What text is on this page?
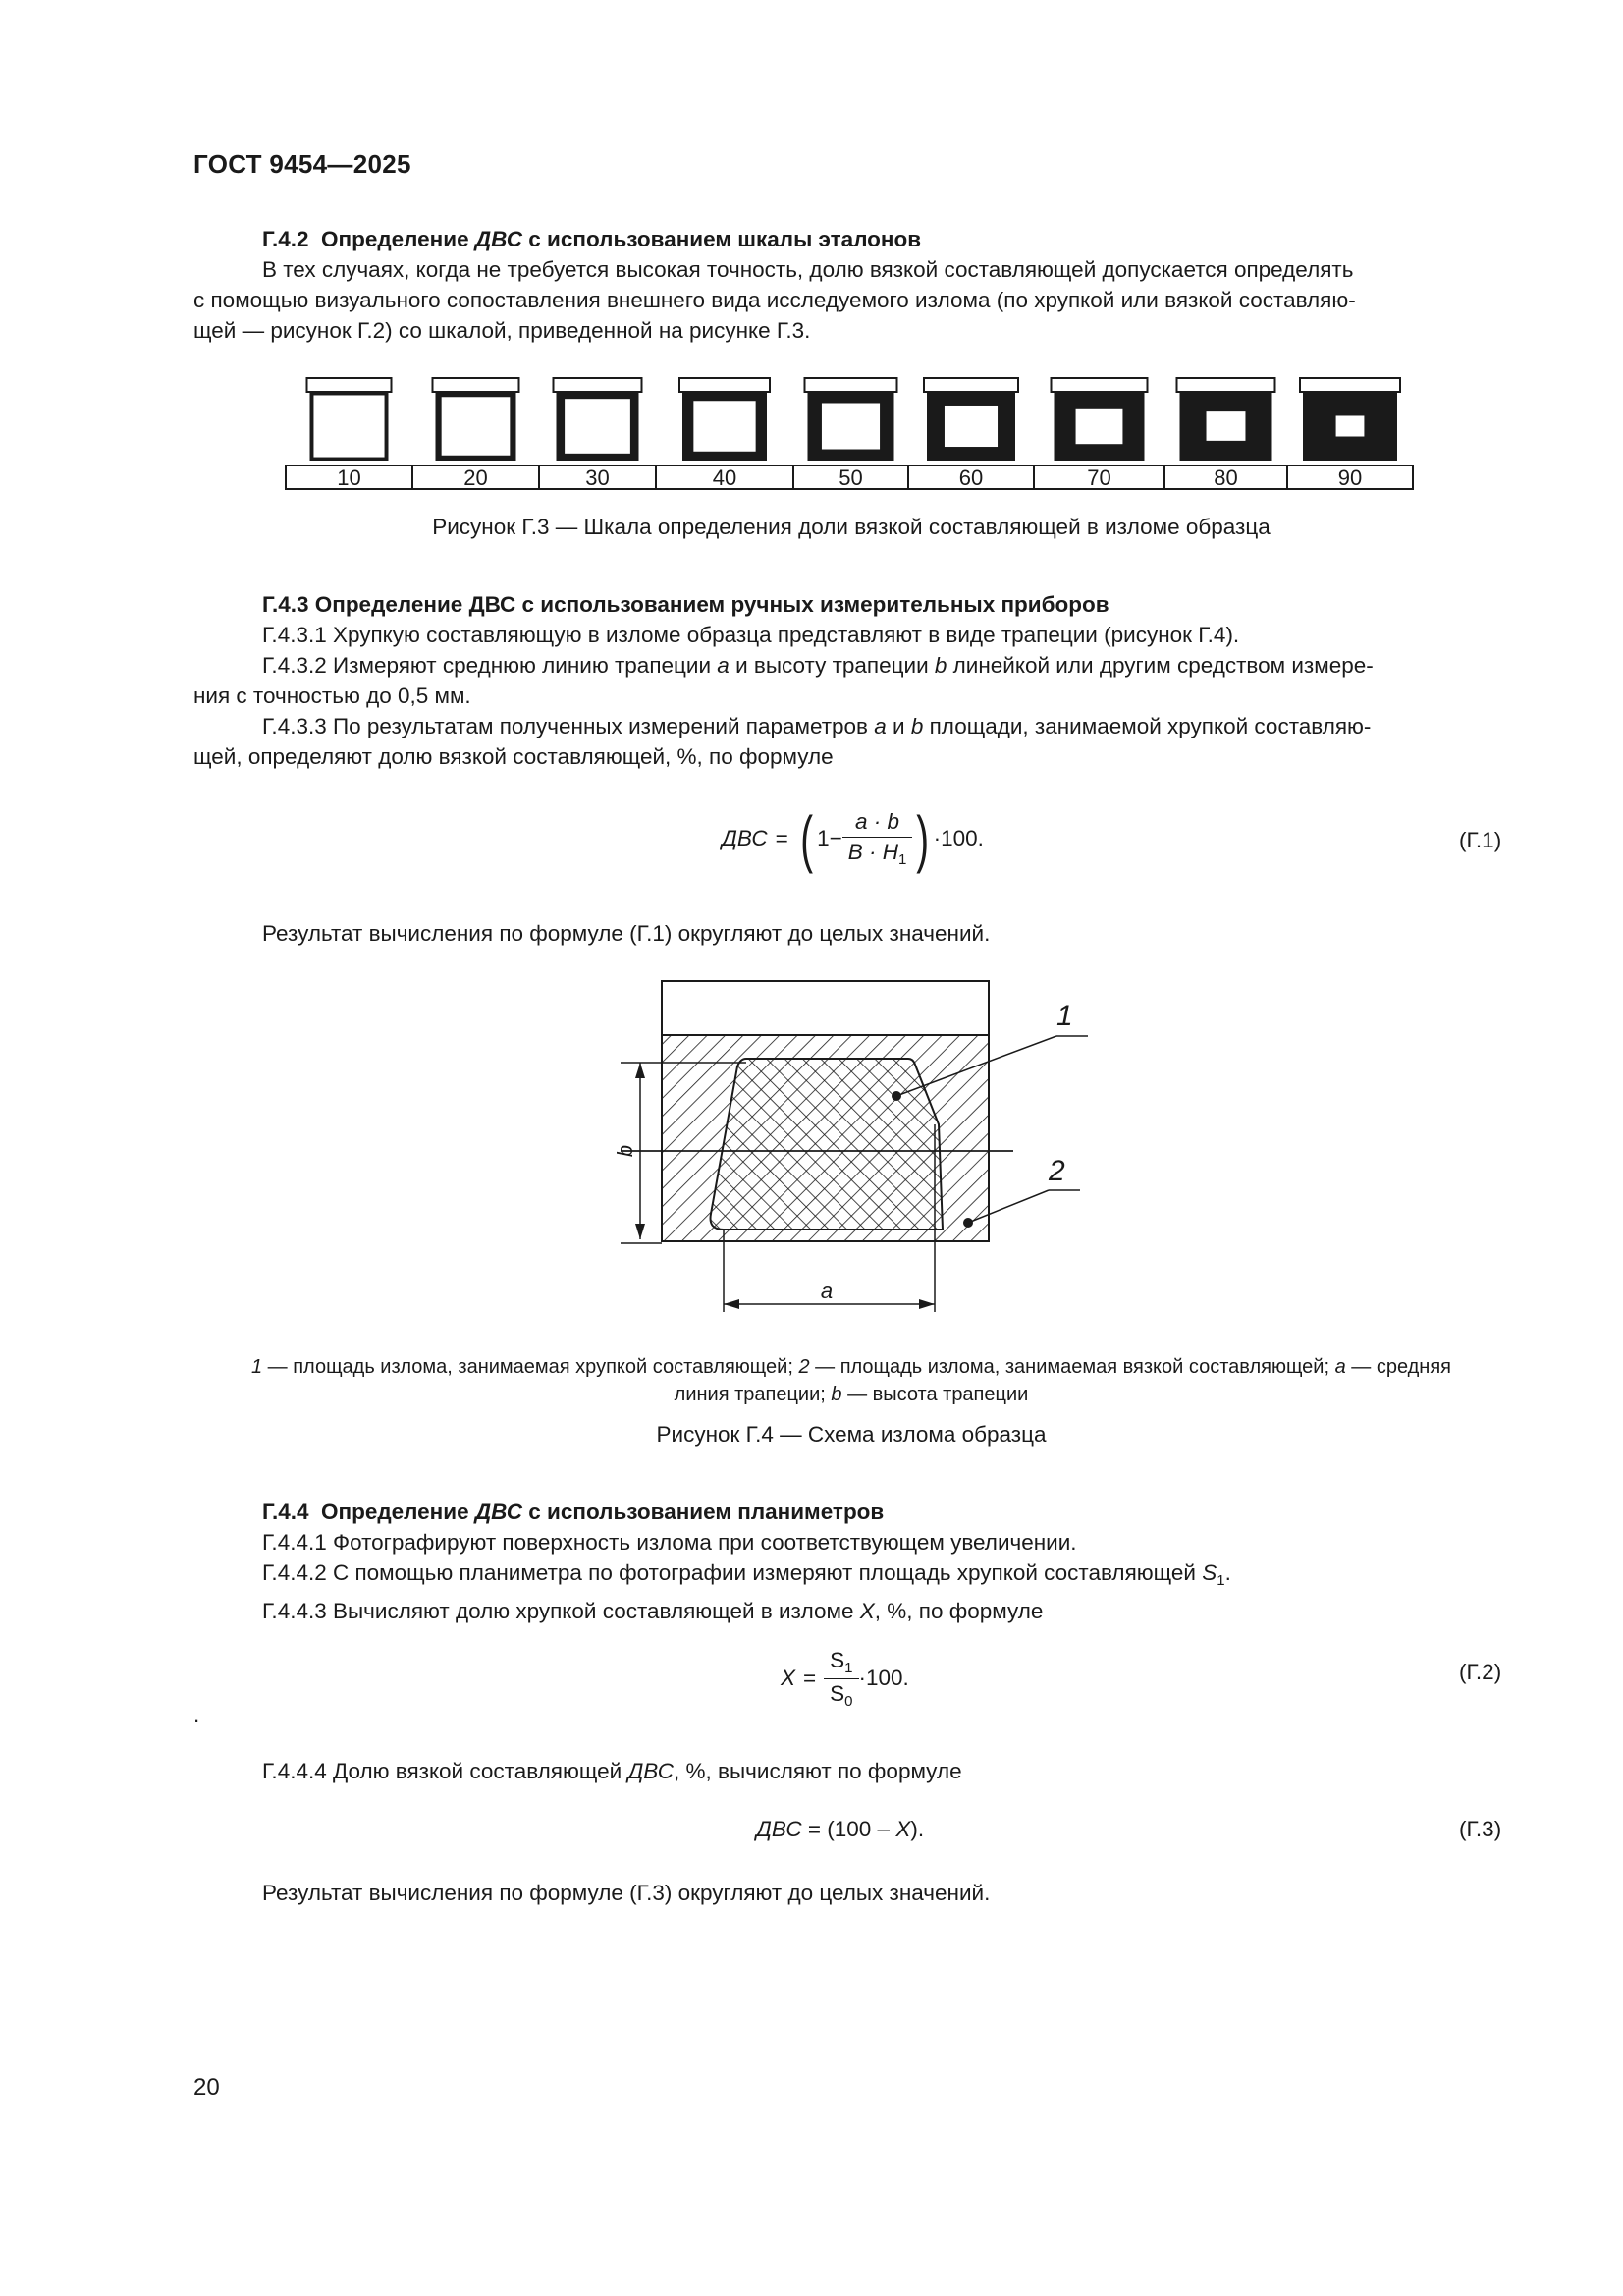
ГОСТ 9454—2025
Г.4.2 Определение ДВС с использованием шкалы эталонов
В тех случаях, когда не требуется высокая точность, долю вязкой составляющей допускается определять
с помощью визуального сопоставления внешнего вида исследуемого излома (по хрупкой или вязкой составляю-
щей — рисунок Г.2) со шкалой, приведенной на рисунке Г.3.
10	20	30	40	50	60	70	80	90
Рисунок Г.3 — Шкала определения доли вязкой составляющей в изломе образца
Г.4.3 Определение ДВС с использованием ручных измерительных приборов
Г.4.3.1 Хрупкую составляющую в изломе образца представляют в виде трапеции (рисунок Г.4).
Г.4.3.2 Измеряют среднюю линию трапеции a и высоту трапеции b линейкой или другим средством измере-
ния с точностью до 0,5 мм.
Г.4.3.3 По результатам полученных измерений параметров a и b площади, занимаемой хрупкой составляю-
щей, определяют долю вязкой составляющей, %, по формуле
ДВС = ( $1- \frac{a \cdot b}{B \cdot H_1}$ ) ·100.	(Г.1)
Результат вычисления по формуле (Г.1) округляют до целых значений.
b
a
1
2
1 — площадь излома, занимаемая хрупкой составляющей; 2 — площадь излома, занимаемая вязкой составляющей; a — средняя
линия трапеции; b — высота трапеции
Рисунок Г.4 — Схема излома образца
Г.4.4 Определение ДВС с использованием планиметров
Г.4.4.1 Фотографируют поверхность излома при соответствующем увеличении.
Г.4.4.2 С помощью планиметра по фотографии измеряют площадь хрупкой составляющей $S_1$.
Г.4.4.3 Вычисляют долю хрупкой составляющей в изломе X, %, по формуле
$X = \frac{S_1}{S_0} \cdot 100$.	(Г.2)
.
Г.4.4.4 Долю вязкой составляющей ДВС, %, вычисляют по формуле
ДВС = (100 – X).	(Г.3)
Результат вычисления по формуле (Г.3) округляют до целых значений.
20
